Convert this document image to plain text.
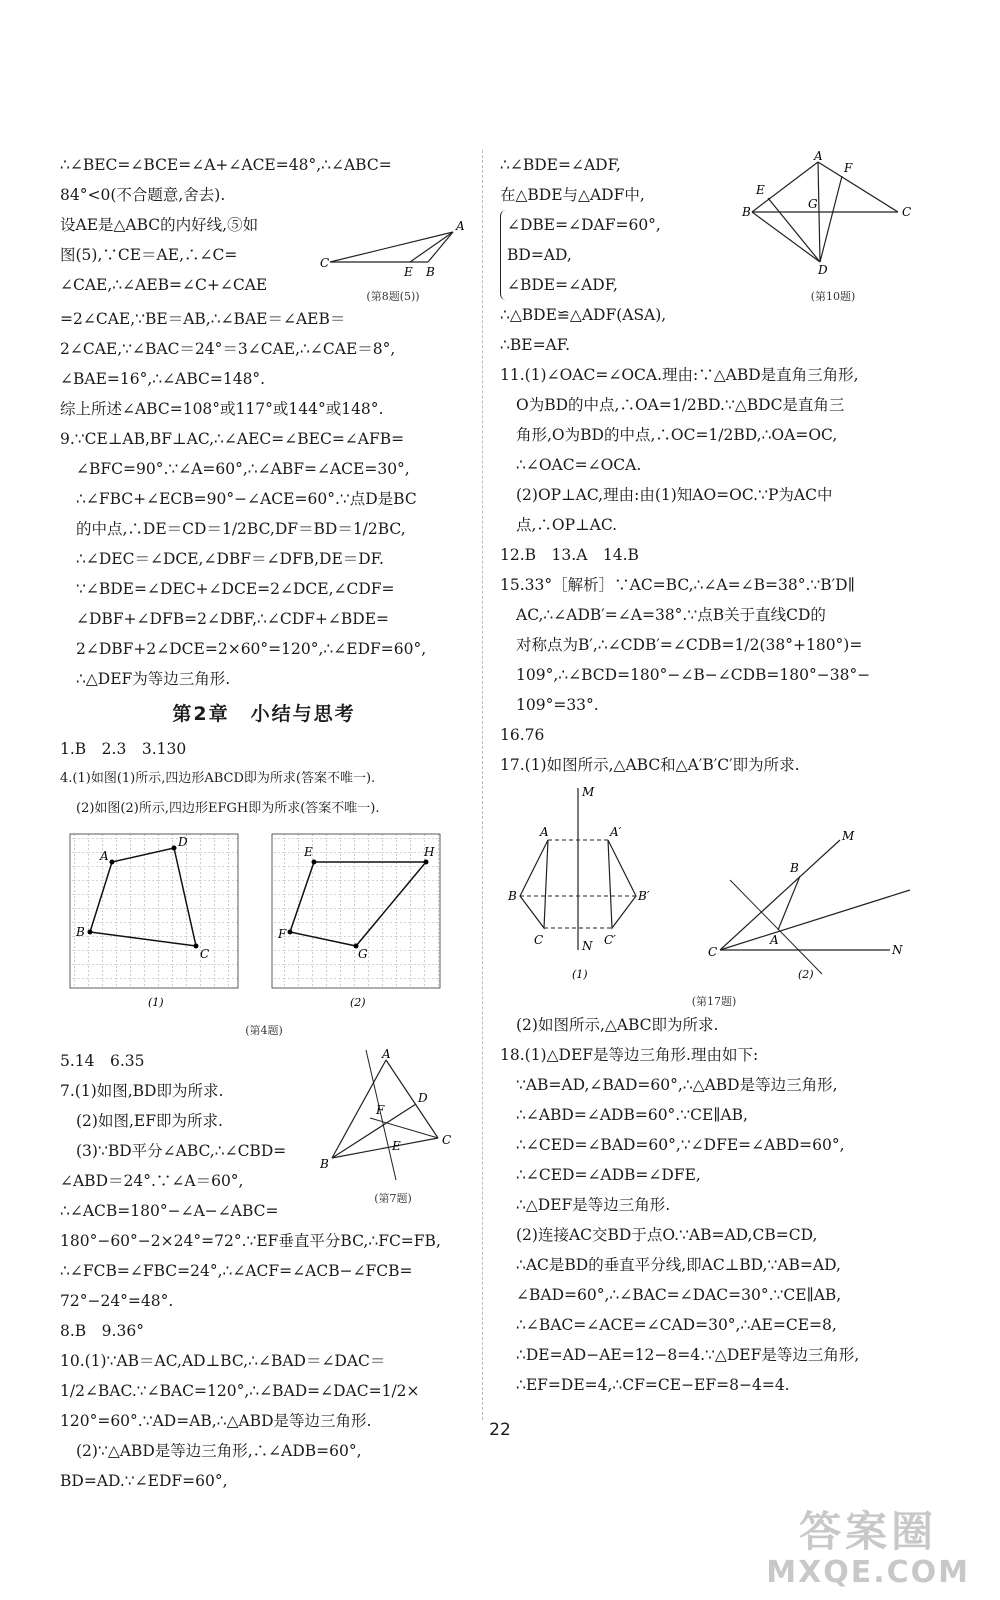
∴∠BEC=∠BCE=∠A+∠ACE=48°,∴∠ABC=
84°<0(不合题意,舍去).
设AE是△ABC的内好线,⑤如
图(5),∵CE＝AE,∴∠C=
∠CAE,∴∠AEB=∠C+∠CAE
A
C
E B
(第8题(5))
=2∠CAE,∵BE＝AB,∴∠BAE＝∠AEB＝
2∠CAE,∵∠BAC＝24°＝3∠CAE,∴∠CAE＝8°,
∠BAE=16°,∴∠ABC=148°.
综上所述∠ABC=108°或117°或144°或148°.
9.∵CE⊥AB,BF⊥AC,∴∠AEC=∠BEC=∠AFB=
∠BFC=90°.∵∠A=60°,∴∠ABF=∠ACE=30°,
∴∠FBC+∠ECB=90°−∠ACE=60°.∵点D是BC
的中点,∴DE＝CD＝1/2BC,DF＝BD＝1/2BC,
∴∠DEC＝∠DCE,∠DBF＝∠DFB,DE＝DF.
∵∠BDE=∠DEC+∠DCE=2∠DCE,∠CDF=
∠DBF+∠DFB=2∠DBF,∴∠CDF+∠BDE=
2∠DBF+2∠DCE=2×60°=120°,∴∠EDF=60°,
∴△DEF为等边三角形.
第2章　小结与思考
1.B　2.3　3.130
4.(1)如图(1)所示,四边形ABCD即为所求(答案不唯一).
(2)如图(2)所示,四边形EFGH即为所求(答案不唯一).
A
D
C
B
E	H
G
F
(1)	(2)
(第4题)
5.14　6.35
7.(1)如图,BD即为所求.
(2)如图,EF即为所求.
(3)∵BD平分∠ABC,∴∠CBD=
∠ABD＝24°.∵∠A＝60°,
∴∠ACB=180°−∠A−∠ABC=
A
D
C
B
F
E
(第7题)
180°−60°−2×24°=72°.∵EF垂直平分BC,∴FC=FB,
∴∠FCB=∠FBC=24°,∴∠ACF=∠ACB−∠FCB=
72°−24°=48°.
8.B　9.36°
10.(1)∵AB＝AC,AD⊥BC,∴∠BAD＝∠DAC＝
1/2∠BAC.∵∠BAC=120°,∴∠BAD=∠DAC=1/2×
120°=60°.∵AD=AB,∴△ABD是等边三角形.
(2)∵△ABD是等边三角形,∴∠ADB=60°,
BD=AD.∵∠EDF=60°,
∴∠BDE=∠ADF,
在△BDE与△ADF中,
∠DBE=∠DAF=60°,
BD=AD,
∠BDE=∠ADF,
∴△BDE≌△ADF(ASA),
∴BE=AF.
A
F
E
B
G
C
D
(第10题)
11.(1)∠OAC=∠OCA.理由:∵△ABD是直角三角形,
O为BD的中点,∴OA=1/2BD.∵△BDC是直角三
角形,O为BD的中点,∴OC=1/2BD,∴OA=OC,
∴∠OAC=∠OCA.
(2)OP⊥AC,理由:由(1)知AO=OC.∵P为AC中
点,∴OP⊥AC.
12.B　13.A　14.B
15.33°［解析］∵AC=BC,∴∠A=∠B=38°.∵B′D∥
AC,∴∠ADB′=∠A=38°.∵点B关于直线CD的
对称点为B′,∴∠CDB′=∠CDB=1/2(38°+180°)=
109°,∴∠BCD=180°−∠B−∠CDB=180°−38°−
109°=33°.
16.76
17.(1)如图所示,△ABC和△A′B′C′即为所求.
M
N
A	A′
B	B′
C	C′
(1)
C	N
M
B
A
(2)
(第17题)
(2)如图所示,△ABC即为所求.
18.(1)△DEF是等边三角形.理由如下:
∵AB=AD,∠BAD=60°,∴△ABD是等边三角形,
∴∠ABD=∠ADB=60°.∵CE∥AB,
∴∠CED=∠BAD=60°,∵∠DFE=∠ABD=60°,
∴∠CED=∠ADB=∠DFE,
∴△DEF是等边三角形.
(2)连接AC交BD于点O.∵AB=AD,CB=CD,
∴AC是BD的垂直平分线,即AC⊥BD,∵AB=AD,
∠BAD=60°,∴∠BAC=∠DAC=30°.∵CE∥AB,
∴∠BAC=∠ACE=∠CAD=30°,∴AE=CE=8,
∴DE=AD−AE=12−8=4.∵△DEF是等边三角形,
∴EF=DE=4,∴CF=CE−EF=8−4=4.
22
答案圈
MXQE.COM
